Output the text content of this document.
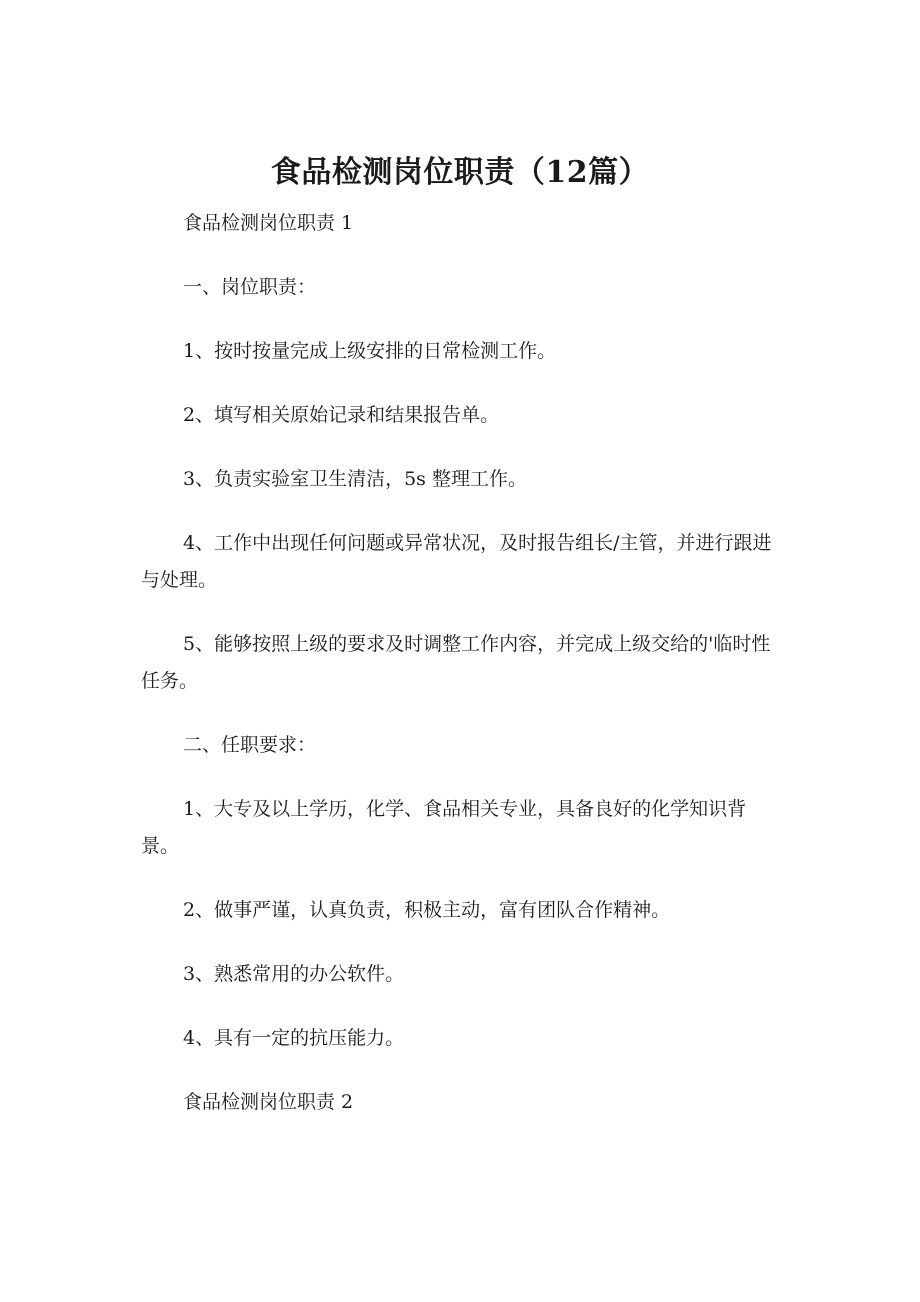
食品检测岗位职责（12篇）

食品检测岗位职责 1

一、岗位职责：

1、按时按量完成上级安排的日常检测工作。

2、填写相关原始记录和结果报告单。

3、负责实验室卫生清洁，5s 整理工作。

4、工作中出现任何问题或异常状况，及时报告组长/主管，并进行跟进与处理。

5、能够按照上级的要求及时调整工作内容，并完成上级交给的'临时性任务。

二、任职要求：

1、大专及以上学历，化学、食品相关专业，具备良好的化学知识背景。

2、做事严谨，认真负责，积极主动，富有团队合作精神。

3、熟悉常用的办公软件。

4、具有一定的抗压能力。

食品检测岗位职责 2
